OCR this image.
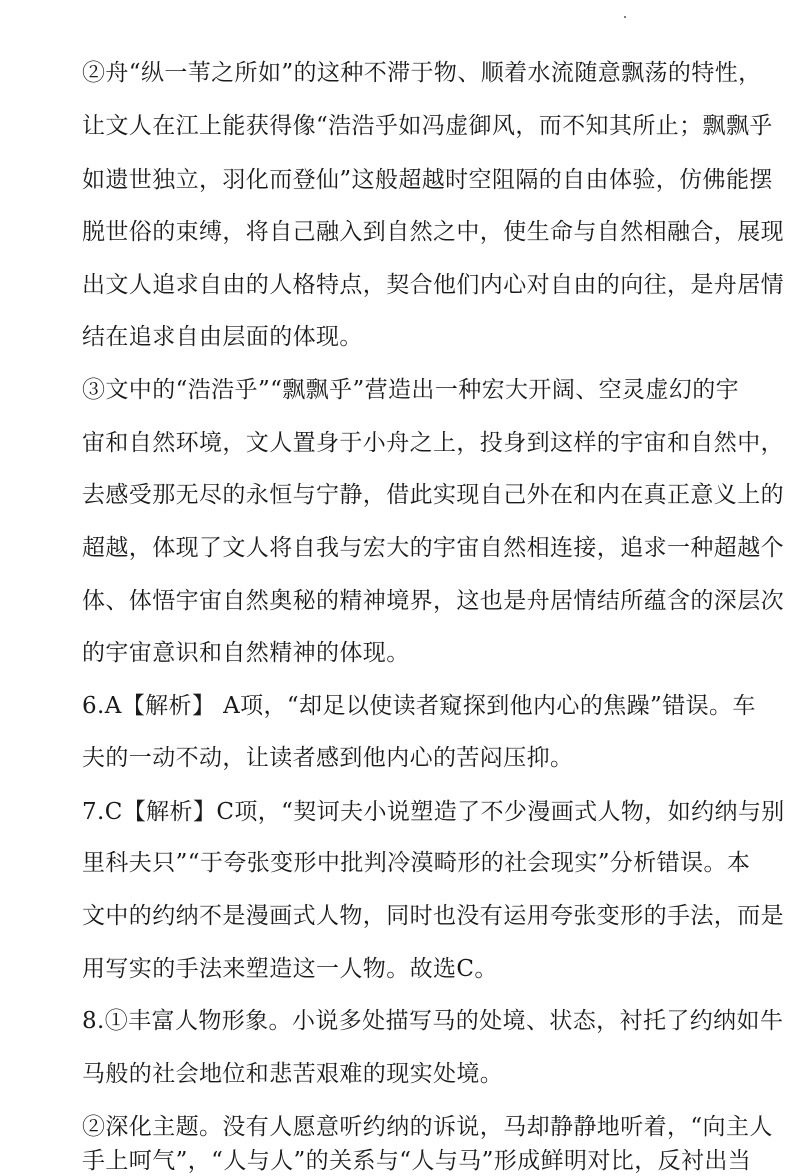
②舟“纵一苇之所如”的这种不滞于物、顺着水流随意飘荡的特性，
让文人在江上能获得像“浩浩乎如冯虚御风，而不知其所止；飘飘乎
如遗世独立，羽化而登仙”这般超越时空阻隔的自由体验，仿佛能摆
脱世俗的束缚，将自己融入到自然之中，使生命与自然相融合，展现
出文人追求自由的人格特点，契合他们内心对自由的向往，是舟居情
结在追求自由层面的体现。
③文中的“浩浩乎”“飘飘乎”营造出一种宏大开阔、空灵虚幻的宇
宙和自然环境，文人置身于小舟之上，投身到这样的宇宙和自然中，
去感受那无尽的永恒与宁静，借此实现自己外在和内在真正意义上的
超越，体现了文人将自我与宏大的宇宙自然相连接，追求一种超越个
体、体悟宇宙自然奥秘的精神境界，这也是舟居情结所蕴含的深层次
的宇宙意识和自然精神的体现。
6.A【解析】 A项，“却足以使读者窥探到他内心的焦躁”错误。车
夫的一动不动，让读者感到他内心的苦闷压抑。
7.C【解析】C项，“契诃夫小说塑造了不少漫画式人物，如约纳与别
里科夫只”“于夸张变形中批判冷漠畸形的社会现实”分析错误。本
文中的约纳不是漫画式人物，同时也没有运用夸张变形的手法，而是
用写实的手法来塑造这一人物。故选C。
8.①丰富人物形象。小说多处描写马的处境、状态，衬托了约纳如牛
马般的社会地位和悲苦艰难的现实处境。
②深化主题。没有人愿意听约纳的诉说，马却静静地听着，“向主人
手上呵气”，“人与人”的关系与“人与马”形成鲜明对比，反衬出当
